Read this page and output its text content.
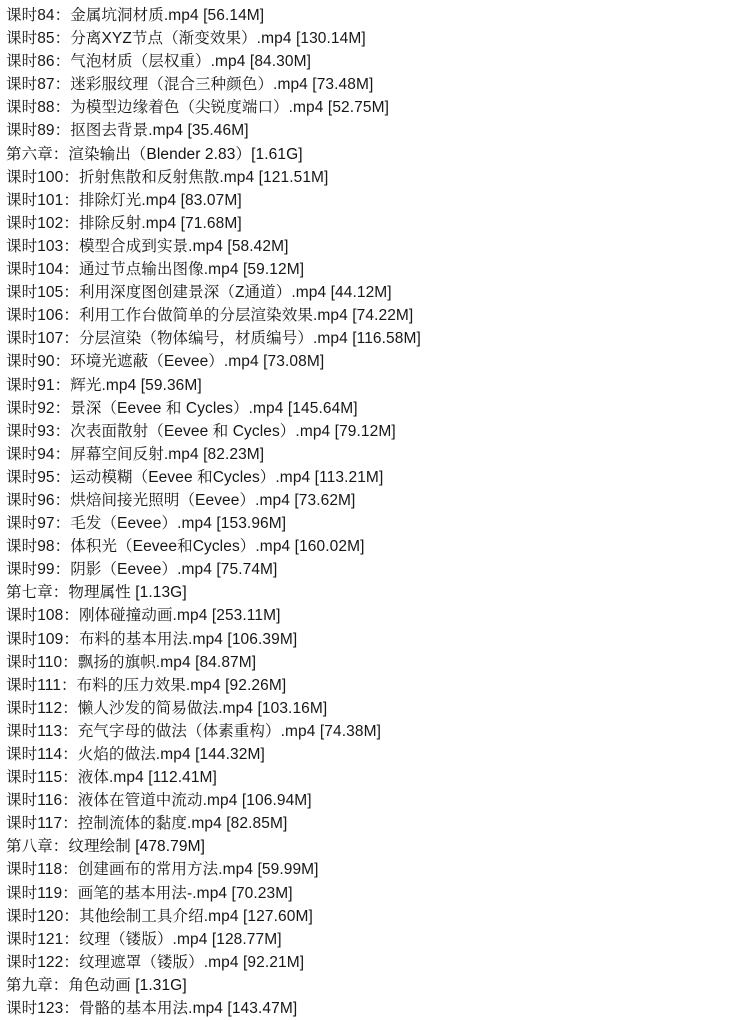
课时84：金属坑洞材质.mp4 [56.14M]
课时85：分离XYZ节点（渐变效果）.mp4 [130.14M]
课时86：气泡材质（层权重）.mp4 [84.30M]
课时87：迷彩服纹理（混合三种颜色）.mp4 [73.48M]
课时88：为模型边缘着色（尖锐度端口）.mp4 [52.75M]
课时89：抠图去背景.mp4 [35.46M]
第六章：渲染输出（Blender 2.83）[1.61G]
课时100：折射焦散和反射焦散.mp4 [121.51M]
课时101：排除灯光.mp4 [83.07M]
课时102：排除反射.mp4 [71.68M]
课时103：模型合成到实景.mp4 [58.42M]
课时104：通过节点输出图像.mp4 [59.12M]
课时105：利用深度图创建景深（Z通道）.mp4 [44.12M]
课时106：利用工作台做简单的分层渲染效果.mp4 [74.22M]
课时107：分层渲染（物体编号，材质编号）.mp4 [116.58M]
课时90：环境光遮蔽（Eevee）.mp4 [73.08M]
课时91：辉光.mp4 [59.36M]
课时92：景深（Eevee 和 Cycles）.mp4 [145.64M]
课时93：次表面散射（Eevee 和 Cycles）.mp4 [79.12M]
课时94：屏幕空间反射.mp4 [82.23M]
课时95：运动模糊（Eevee 和Cycles）.mp4 [113.21M]
课时96：烘焙间接光照明（Eevee）.mp4 [73.62M]
课时97：毛发（Eevee）.mp4 [153.96M]
课时98：体积光（Eevee和Cycles）.mp4 [160.02M]
课时99：阴影（Eevee）.mp4 [75.74M]
第七章：物理属性 [1.13G]
课时108：刚体碰撞动画.mp4 [253.11M]
课时109：布料的基本用法.mp4 [106.39M]
课时110：飘扬的旗帜.mp4 [84.87M]
课时111：布料的压力效果.mp4 [92.26M]
课时112：懒人沙发的简易做法.mp4 [103.16M]
课时113：充气字母的做法（体素重构）.mp4 [74.38M]
课时114：火焰的做法.mp4 [144.32M]
课时115：液体.mp4 [112.41M]
课时116：液体在管道中流动.mp4 [106.94M]
课时117：控制流体的黏度.mp4 [82.85M]
第八章：纹理绘制 [478.79M]
课时118：创建画布的常用方法.mp4 [59.99M]
课时119：画笔的基本用法-.mp4 [70.23M]
课时120：其他绘制工具介绍.mp4 [127.60M]
课时121：纹理（镂版）.mp4 [128.77M]
课时122：纹理遮罩（镂版）.mp4 [92.21M]
第九章：角色动画 [1.31G]
课时123：骨骼的基本用法.mp4 [143.47M]
